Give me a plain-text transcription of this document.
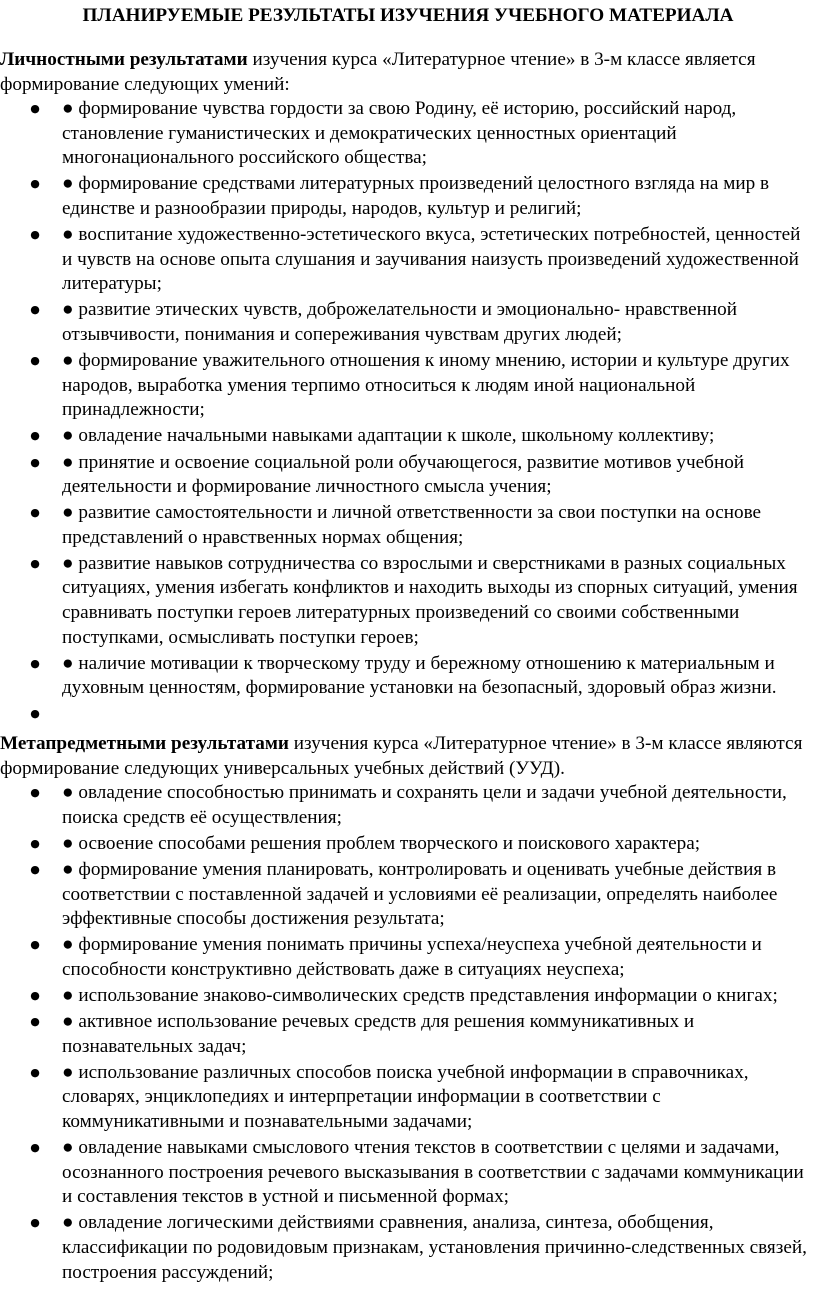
ПЛАНИРУЕМЫЕ РЕЗУЛЬТАТЫ ИЗУЧЕНИЯ УЧЕБНОГО МАТЕРИАЛА

Личностными результатами изучения курса «Литературное чтение» в 3-м классе является формирование следующих умений:

● ● формирование чувства гордости за свою Родину, её историю, российский народ, становление гуманистических и демократических ценностных ориентаций многонационального российского общества;
● ● формирование средствами литературных произведений целостного взгляда на мир в единстве и разнообразии природы, народов, культур и религий;
● ● воспитание художественно-эстетического вкуса, эстетических потребностей, ценностей и чувств на основе опыта слушания и заучивания наизусть произведений художественной литературы;
● ● развитие этических чувств, доброжелательности и эмоционально- нравственной отзывчивости, понимания и сопереживания чувствам других людей;
● ● формирование уважительного отношения к иному мнению, истории и культуре других народов, выработка умения терпимо относиться к людям иной национальной принадлежности;
● ● овладение начальными навыками адаптации к школе, школьному коллективу;
● ● принятие и освоение социальной роли обучающегося, развитие мотивов учебной деятельности и формирование личностного смысла учения;
● ● развитие самостоятельности и личной ответственности за свои поступки на основе представлений о нравственных нормах общения;
● ● развитие навыков сотрудничества со взрослыми и сверстниками в разных социальных ситуациях, умения избегать конфликтов и находить выходы из спорных ситуаций, умения сравнивать поступки героев литературных произведений со своими собственными поступками, осмысливать поступки героев;
● ● наличие мотивации к творческому труду и бережному отношению к материальным и духовным ценностям, формирование установки на безопасный, здоровый образ жизни.
●

Метапредметными результатами изучения курса «Литературное чтение» в 3-м классе являются формирование следующих универсальных учебных действий (УУД).

● ● овладение способностью принимать и сохранять цели и задачи учебной деятельности, поиска средств её осуществления;
● ● освоение способами решения проблем творческого и поискового характера;
● ● формирование умения планировать, контролировать и оценивать учебные действия в соответствии с поставленной задачей и условиями её реализации, определять наиболее эффективные способы достижения результата;
● ● формирование умения понимать причины успеха/неуспеха учебной деятельности и способности конструктивно действовать даже в ситуациях неуспеха;
● ● использование знаково-символических средств представления информации о книгах;
● ● активное использование речевых средств для решения коммуникативных и познавательных задач;
● ● использование различных способов поиска учебной информации в справочниках, словарях, энциклопедиях и интерпретации информации в соответствии с коммуникативными и познавательными задачами;
● ● овладение навыками смыслового чтения текстов в соответствии с целями и задачами, осознанного построения речевого высказывания в соответствии с задачами коммуникации и составления текстов в устной и письменной формах;
● ● овладение логическими действиями сравнения, анализа, синтеза, обобщения, классификации по родовидовым признакам, установления причинно-следственных связей, построения рассуждений;
